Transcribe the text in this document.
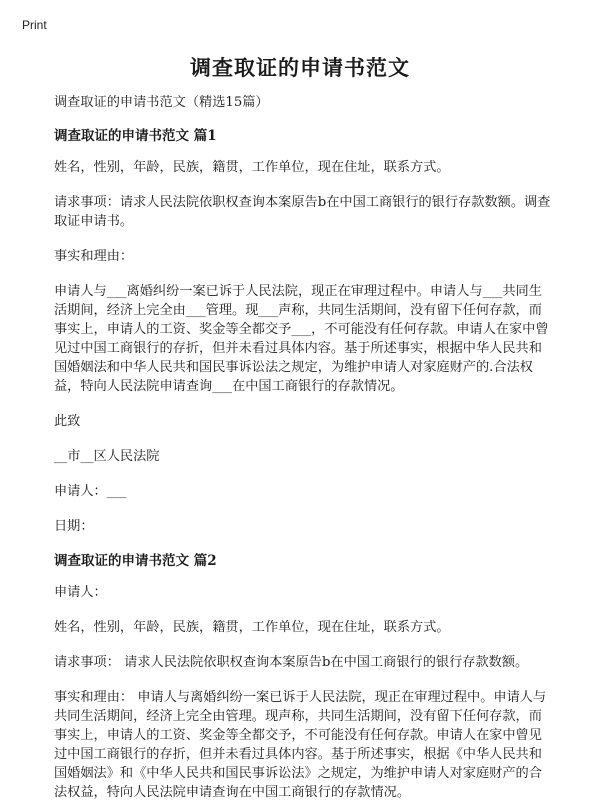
Print
调查取证的申请书范文

调查取证的申请书范文（精选15篇）

调查取证的申请书范文 篇1

姓名，性别，年龄，民族，籍贯，工作单位，现在住址，联系方式。

请求事项：请求人民法院依职权查询本案原告b在中国工商银行的银行存款数额。调查取证申请书。

事实和理由：

申请人与___离婚纠纷一案已诉于人民法院，现正在审理过程中。申请人与___共同生活期间，经济上完全由___管理。现___声称，共同生活期间，没有留下任何存款，而事实上，申请人的工资、奖金等全都交予___，不可能没有任何存款。申请人在家中曾见过中国工商银行的存折，但并未看过具体内容。基于所述事实，根据中华人民共和国婚姻法和中华人民共和国民事诉讼法之规定，为维护申请人对家庭财产的.合法权益，特向人民法院申请查询___在中国工商银行的存款情况。

此致

__市__区人民法院

申请人：___

日期：

调查取证的申请书范文 篇2

申请人：

姓名，性别，年龄，民族，籍贯，工作单位，现在住址，联系方式。

请求事项： 请求人民法院依职权查询本案原告b在中国工商银行的银行存款数额。

事实和理由： 申请人与离婚纠纷一案已诉于人民法院，现正在审理过程中。申请人与共同生活期间，经济上完全由管理。现声称，共同生活期间，没有留下任何存款，而事实上，申请人的工资、奖金等全都交予，不可能没有任何存款。申请人在家中曾见过中国工商银行的存折，但并未看过具体内容。基于所述事实，根据《中华人民共和国婚姻法》和《中华人民共和国民事诉讼法》之规定，为维护申请人对家庭财产的合法权益，特向人民法院申请查询在中国工商银行的存款情况。
